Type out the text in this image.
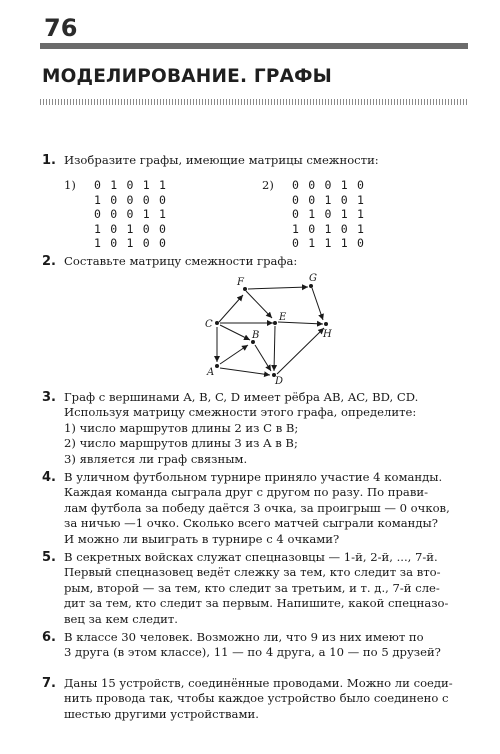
76
МОДЕЛИРОВАНИЕ. ГРАФЫ
1. Изобразите графы, имеющие матрицы смежности:
1) 0 1 0 1 1
1 0 0 0 0
0 0 0 1 1
1 0 1 0 0
1 0 1 0 0
2) 0 0 0 1 0
0 0 1 0 1
0 1 0 1 1
1 0 1 0 1
0 1 1 1 0
2. Составьте матрицу смежности графа:
A
B
C
D
E
F	G
H
3. Граф с вершинами A, B, C, D имеет рёбра AB, AC, BD, CD.
Используя матрицу смежности этого графа, определите:
1) число маршрутов длины 2 из C в B;
2) число маршрутов длины 3 из A в B;
3) является ли граф связным.
4. В уличном футбольном турнире приняло участие 4 команды.
Каждая команда сыграла друг с другом по разу. По прави-
лам футбола за победу даётся 3 очка, за проигрыш — 0 очков,
за ничью —1 очко. Сколько всего матчей сыграли команды?
И можно ли выиграть в турнире с 4 очками?
5. В секретных войсках служат спецназовцы — 1-й, 2-й, ..., 7-й.
Первый спецназовец ведёт слежку за тем, кто следит за вто-
рым, второй — за тем, кто следит за третьим, и т. д., 7-й сле-
дит за тем, кто следит за первым. Напишите, какой спецназо-
вец за кем следит.
6. В классе 30 человек. Возможно ли, что 9 из них имеют по
3 друга (в этом классе), 11 — по 4 друга, а 10 — по 5 друзей?
7. Даны 15 устройств, соединённые проводами. Можно ли соеди-
нить провода так, чтобы каждое устройство было соединено с
шестью другими устройствами.
